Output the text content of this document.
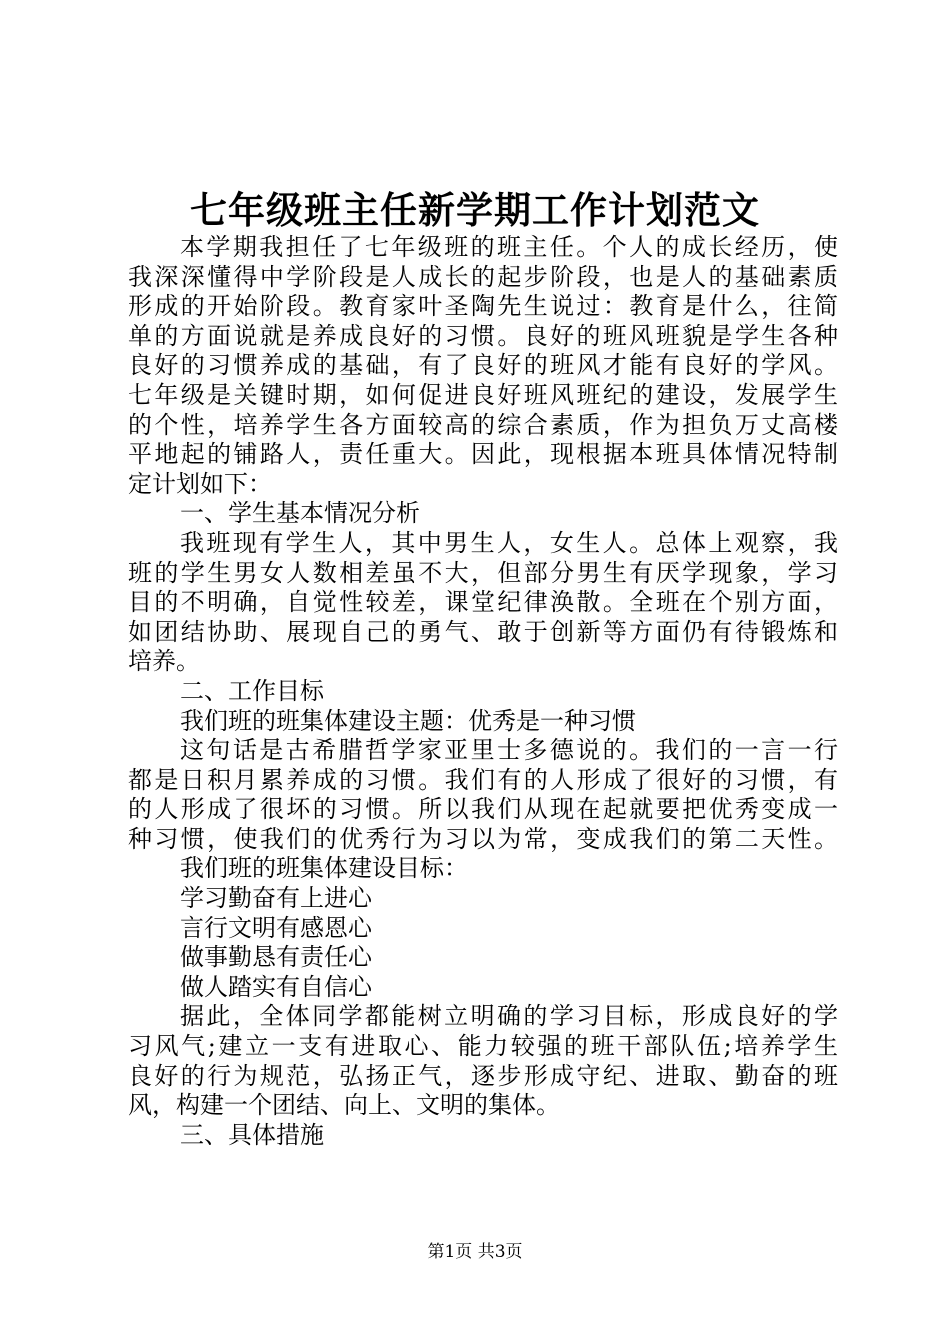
七年级班主任新学期工作计划范文
本学期我担任了七年级班的班主任。个人的成长经历，使
我深深懂得中学阶段是人成长的起步阶段，也是人的基础素质
形成的开始阶段。教育家叶圣陶先生说过：教育是什么，往简
单的方面说就是养成良好的习惯。良好的班风班貌是学生各种
良好的习惯养成的基础，有了良好的班风才能有良好的学风。
七年级是关键时期，如何促进良好班风班纪的建设，发展学生
的个性，培养学生各方面较高的综合素质，作为担负万丈高楼
平地起的铺路人，责任重大。因此，现根据本班具体情况特制
定计划如下：
一、学生基本情况分析
我班现有学生人，其中男生人，女生人。总体上观察，我
班的学生男女人数相差虽不大，但部分男生有厌学现象，学习
目的不明确，自觉性较差，课堂纪律涣散。全班在个别方面，
如团结协助、展现自己的勇气、敢于创新等方面仍有待锻炼和
培养。
二、工作目标
我们班的班集体建设主题：优秀是一种习惯
这句话是古希腊哲学家亚里士多德说的。我们的一言一行
都是日积月累养成的习惯。我们有的人形成了很好的习惯，有
的人形成了很坏的习惯。所以我们从现在起就要把优秀变成一
种习惯，使我们的优秀行为习以为常，变成我们的第二天性。
我们班的班集体建设目标：
学习勤奋有上进心
言行文明有感恩心
做事勤恳有责任心
做人踏实有自信心
据此，全体同学都能树立明确的学习目标，形成良好的学
习风气;建立一支有进取心、能力较强的班干部队伍;培养学生
良好的行为规范，弘扬正气，逐步形成守纪、进取、勤奋的班
风，构建一个团结、向上、文明的集体。
三、具体措施
第1页 共3页
